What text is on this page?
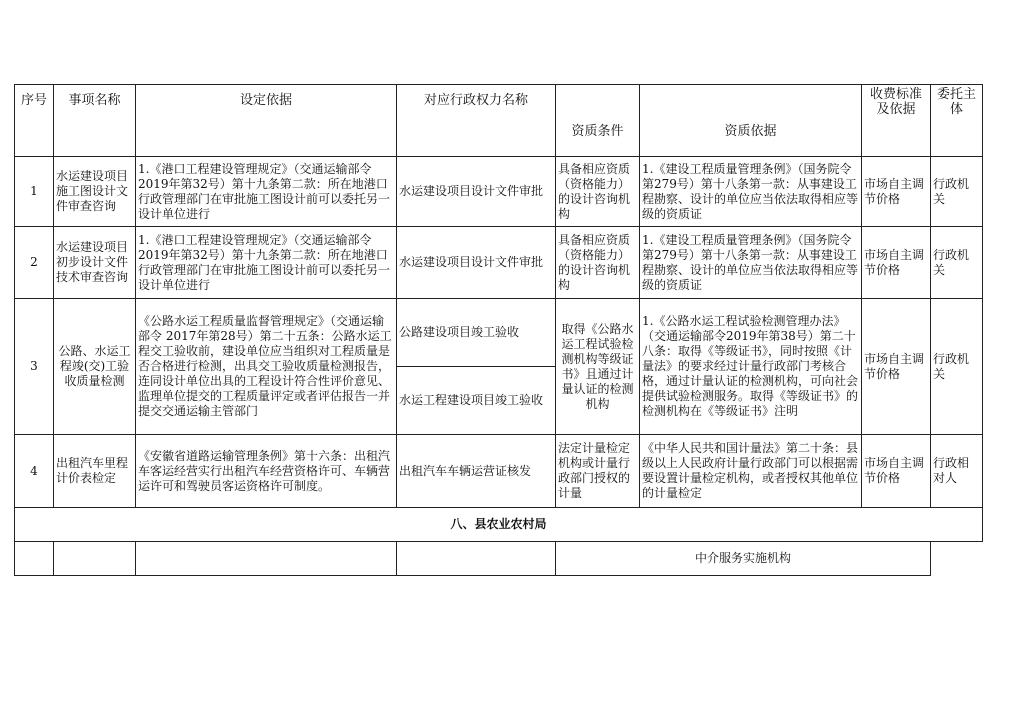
序号	事项名称	设定依据	对应行政权力名称	资质条件	资质依据	收费标准及依据	委托主体
1	水运建设项目施工图设计文件审查咨询	1.《港口工程建设管理规定》（交通运输部令2019年第32号）第十九条第二款：所在地港口行政管理部门在审批施工图设计前可以委托另一设计单位进行	水运建设项目设计文件审批	具备相应资质（资格能力）的设计咨询机构	1.《建设工程质量管理条例》（国务院令第279号）第十八条第一款：从事建设工程勘察、设计的单位应当依法取得相应等级的资质证	市场自主调节价格	行政机关

2	水运建设项目初步设计文件技术审查咨询	1.《港口工程建设管理规定》（交通运输部令2019年第32号）第十九条第二款：所在地港口行政管理部门在审批施工图设计前可以委托另一设计单位进行	水运建设项目设计文件审批	具备相应资质（资格能力）的设计咨询机构	1.《建设工程质量管理条例》（国务院令第279号）第十八条第一款：从事建设工程勘察、设计的单位应当依法取得相应等级的资质证	市场自主调节价格	行政机关

3	公路、水运工程竣(交)工验收质量检测	《公路水运工程质量监督管理规定》（交通运输部令 2017年第28号）第二十五条：公路水运工程交工验收前，建设单位应当组织对工程质量是否合格进行检测，出具交工验收质量检测报告，连同设计单位出具的工程设计符合性评价意见、监理单位提交的工程质量评定或者评估报告一并提交交通运输主管部门	公路建设项目竣工验收	取得《公路水运工程试验检测机构等级证书》且通过计量认证的检测机构	1.《公路水运工程试验检测管理办法》（交通运输部令2019年第38号）第二十八条：取得《等级证书》，同时按照《计量法》的要求经过计量行政部门考核合格，通过计量认证的检测机构，可向社会提供试验检测服务。取得《等级证书》的检测机构在《等级证书》注明	市场自主调节价格	行政机关

			水运工程建设项目竣工验收				
4	出租汽车里程计价表检定	《安徽省道路运输管理条例》第十六条：出租汽车客运经营实行出租汽车经营资格许可、车辆营运许可和驾驶员客运资格许可制度。	出租汽车车辆运营证核发	法定计量检定机构或计量行政部门授权的计量	《中华人民共和国计量法》第二十条：县级以上人民政府计量行政部门可以根据需要设置计量检定机构，或者授权其他单位的计量检定	市场自主调节价格	行政相对人

八、县农业农村局							
				中介服务实施机构			
